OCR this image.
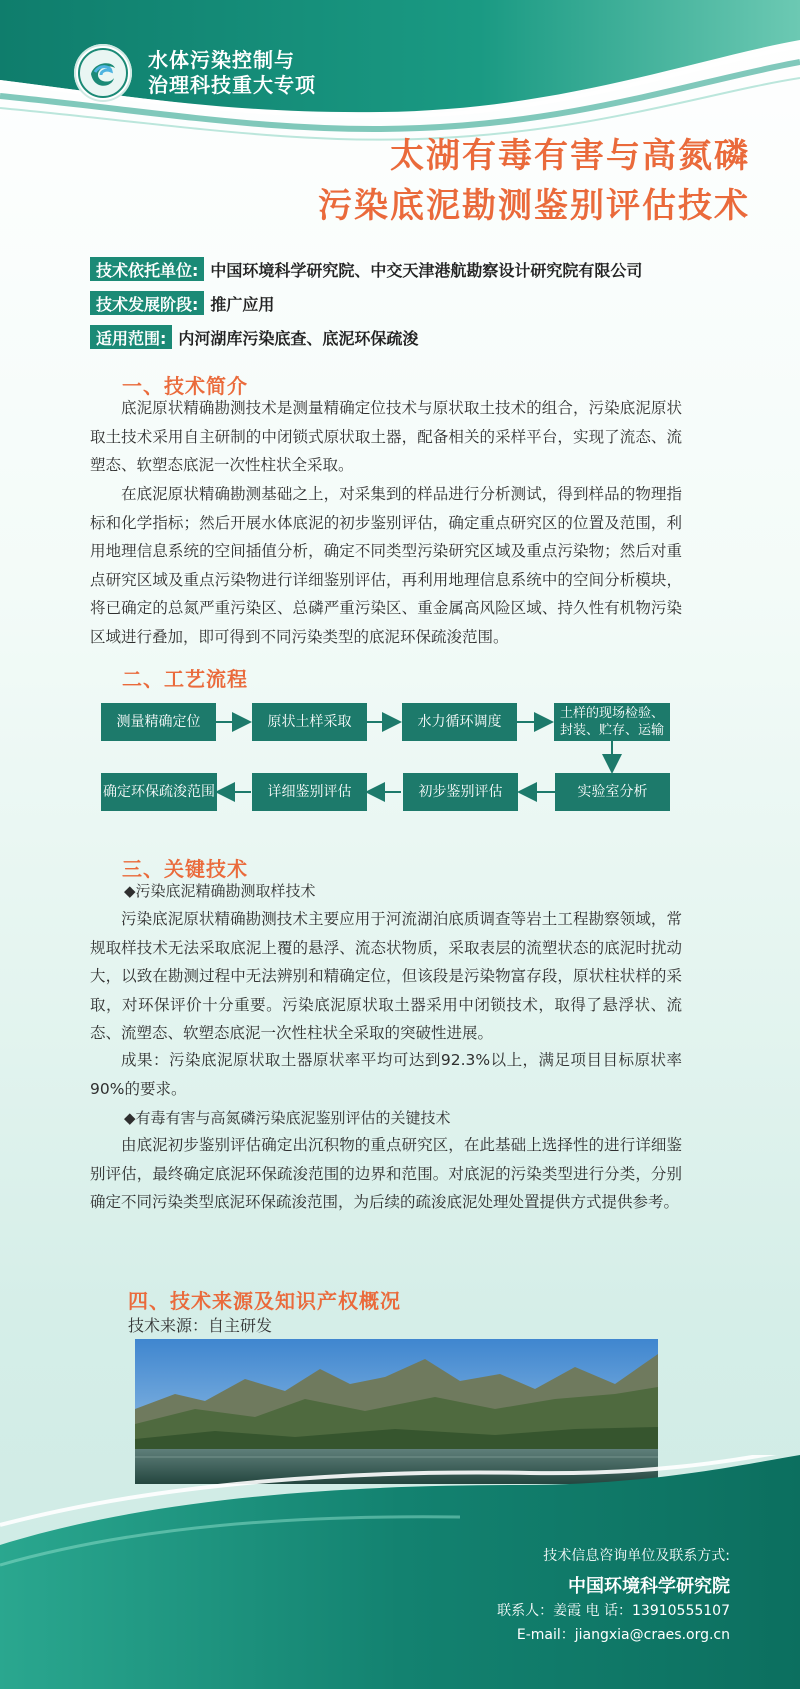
水体污染控制与
治理科技重大专项
太湖有毒有害与高氮磷
污染底泥勘测鉴别评估技术
技术依托单位: 中国环境科学研究院、中交天津港航勘察设计研究院有限公司
技术发展阶段: 推广应用
适用范围: 内河湖库污染底查、底泥环保疏浚
一、技术简介
底泥原状精确勘测技术是测量精确定位技术与原状取土技术的组合，污染底泥原状取土技术采用自主研制的中闭锁式原状取土器，配备相关的采样平台，实现了流态、流塑态、软塑态底泥一次性柱状全采取。
在底泥原状精确勘测基础之上，对采集到的样品进行分析测试，得到样品的物理指标和化学指标；然后开展水体底泥的初步鉴别评估，确定重点研究区的位置及范围，利用地理信息系统的空间插值分析，确定不同类型污染研究区域及重点污染物；然后对重点研究区域及重点污染物进行详细鉴别评估，再利用地理信息系统中的空间分析模块，将已确定的总氮严重污染区、总磷严重污染区、重金属高风险区域、持久性有机物污染区域进行叠加，即可得到不同污染类型的底泥环保疏浚范围。
二、工艺流程
测量精确定位	原状土样采取	水力循环调度	土样的现场检验、
封装、贮存、运输
实验室分析
初步鉴别评估
详细鉴别评估
确定环保疏浚范围
三、关键技术
◆污染底泥精确勘测取样技术
污染底泥原状精确勘测技术主要应用于河流湖泊底质调查等岩土工程勘察领域，常规取样技术无法采取底泥上覆的悬浮、流态状物质，采取表层的流塑状态的底泥时扰动大，以致在勘测过程中无法辨别和精确定位，但该段是污染物富存段，原状柱状样的采取，对环保评价十分重要。污染底泥原状取土器采用中闭锁技术，取得了悬浮状、流态、流塑态、软塑态底泥一次性柱状全采取的突破性进展。
成果：污染底泥原状取土器原状率平均可达到92.3%以上，满足项目目标原状率90%的要求。
◆有毒有害与高氮磷污染底泥鉴别评估的关键技术
由底泥初步鉴别评估确定出沉积物的重点研究区，在此基础上选择性的进行详细鉴别评估，最终确定底泥环保疏浚范围的边界和范围。对底泥的污染类型进行分类，分别确定不同污染类型底泥环保疏浚范围，为后续的疏浚底泥处理处置提供方式提供参考。
四、技术来源及知识产权概况
技术来源：自主研发
技术信息咨询单位及联系方式:
中国环境科学研究院
联系人：姜霞 电 话：13910555107
E-mail：jiangxia@craes.org.cn
